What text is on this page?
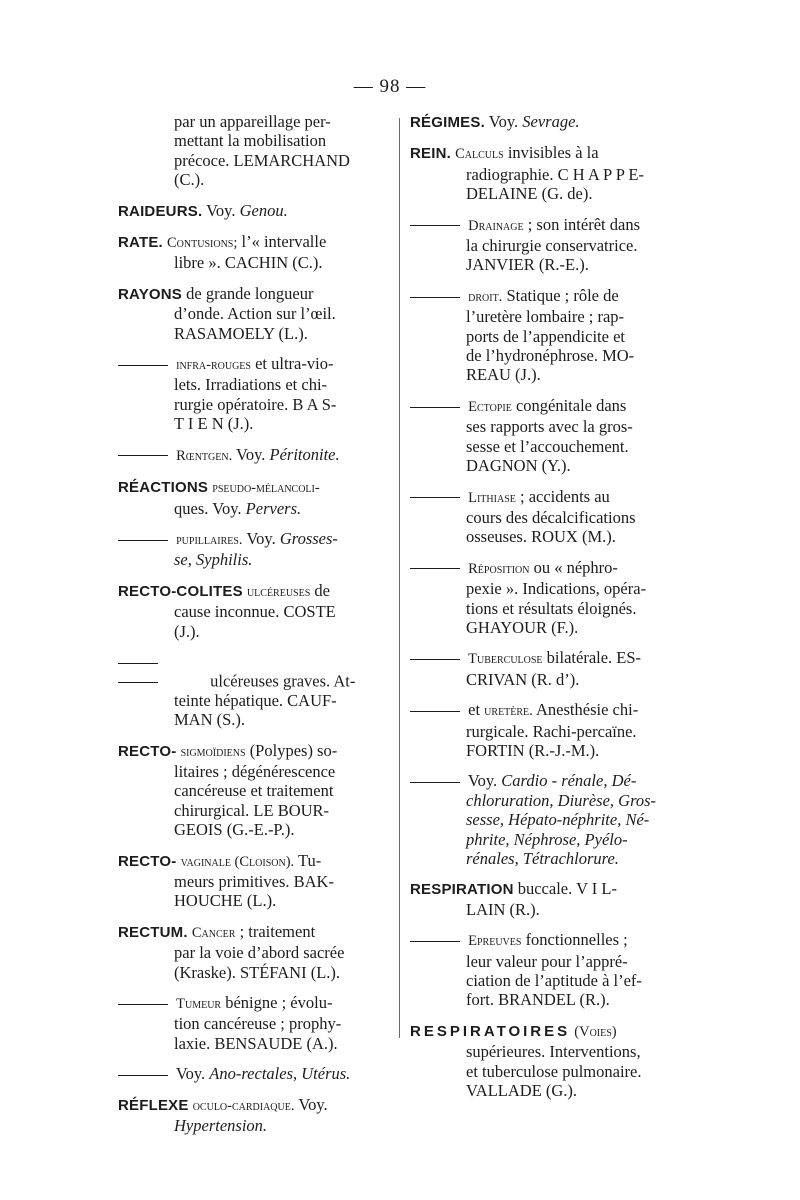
— 98 —
par un appareillage per-
mettant la mobilisation
précoce. LEMARCHAND
(C.).
RAIDEURS. Voy. Genou.
RATE. Contusions; l’« intervalle
libre ». CACHIN (C.).
RAYONS de grande longueur
d’onde. Action sur l’œil.
RASAMOELY (L.).
infra-rouges et ultra-vio-
lets. Irradiations et chi-
rurgie opératoire. B A S-
T I E N (J.).
Rœntgen. Voy. Péritonite.
RÉACTIONS pseudo-mélancoli-
ques. Voy. Pervers.
pupillaires. Voy. Grosses-
se, Syphilis.
RECTO-COLITES ulcéreuses de
cause inconnue. COSTE
(J.).
ulcéreuses graves. At-
teinte hépatique. CAUF-
MAN (S.).
RECTO- sigmoïdiens (Polypes) so-
litaires ; dégénérescence
cancéreuse et traitement
chirurgical. LE BOUR-
GEOIS (G.-E.-P.).
RECTO- vaginale (Cloison). Tu-
meurs primitives. BAK-
HOUCHE (L.).
RECTUM. Cancer ; traitement
par la voie d’abord sacrée
(Kraske). STÉFANI (L.).
Tumeur bénigne ; évolu-
tion cancéreuse ; prophy-
laxie. BENSAUDE (A.).
Voy. Ano-rectales, Utérus.
RÉFLEXE oculo-cardiaque. Voy.
Hypertension.
RÉGIMES. Voy. Sevrage.
REIN. Calculs invisibles à la
radiographie. C H A P P E-
DELAINE (G. de).
Drainage ; son intérêt dans
la chirurgie conservatrice.
JANVIER (R.-E.).
droit. Statique ; rôle de
l’uretère lombaire ; rap-
ports de l’appendicite et
de l’hydronéphrose. MO-
REAU (J.).
Ectopie congénitale dans
ses rapports avec la gros-
sesse et l’accouchement.
DAGNON (Y.).
Lithiase ; accidents au
cours des décalcifications
osseuses. ROUX (M.).
Réposition ou « néphro-
pexie ». Indications, opéra-
tions et résultats éloignés.
GHAYOUR (F.).
Tuberculose bilatérale. ES-
CRIVAN (R. d’).
et uretère. Anesthésie chi-
rurgicale. Rachi-percaïne.
FORTIN (R.-J.-M.).
Voy. Cardio - rénale, Dé-
chloruration, Diurèse, Gros-
sesse, Hépato-néphrite, Né-
phrite, Néphrose, Pyélo-
rénales, Tétrachlorure.
RESPIRATION buccale. V I L-
LAIN (R.).
Epreuves fonctionnelles ;
leur valeur pour l’appré-
ciation de l’aptitude à l’ef-
fort. BRANDEL (R.).
RESPIRATOIRES (Voies)
supérieures. Interventions,
et tuberculose pulmonaire.
VALLADE (G.).
